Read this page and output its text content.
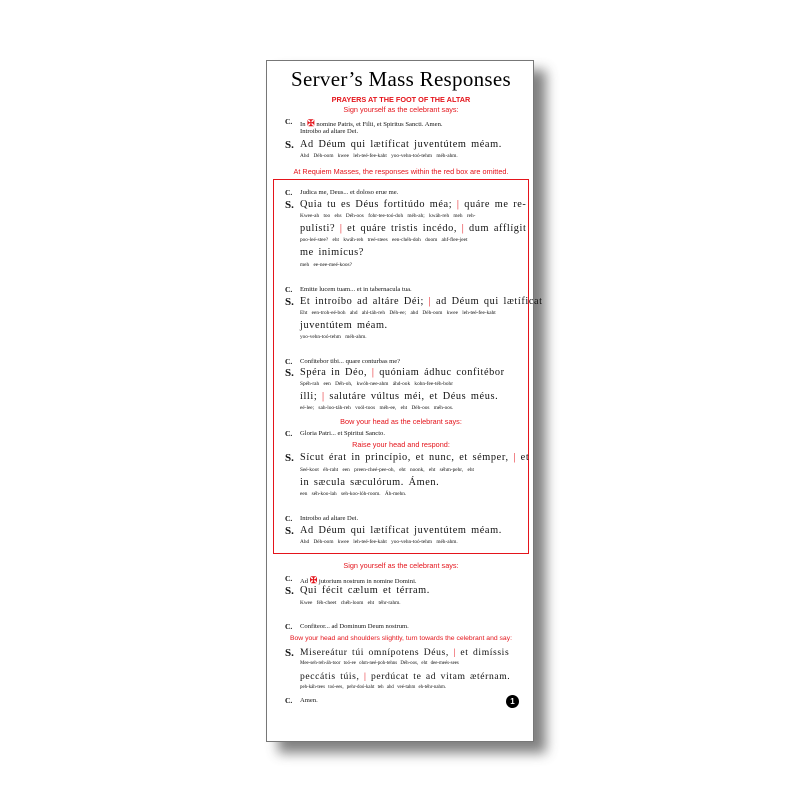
Server’s Mass Responses
PRAYERS AT THE FOOT OF THE ALTAR
Sign yourself as the celebrant says:
C. In ✠ nomine Patris, et Filii, et Spiritus Sancti. Amen.
Introibo ad altare Dei.
S. Ad Déum qui lætíficat juventútem méam.
Ahd Déh-oom kwee leh-teé-fee-kaht yoo-vehn-toó-tehm méh-ahm.
At Requiem Masses, the responses within the red box are omitted.
C. Judica me, Deus... et doloso erue me.
S. Quia tu es Déus fortitúdo méa; | quáre me re-
Kwee-ah too ehs Déh-oos fohr-tee-toó-doh méh-ah; kwáh-reh meh reh-
pulísti? | et quáre tristis incédo, | dum afflígit
poo-leé-stee? eht kwáh-reh treé-stees een-chéh-doh doom ahf-flee-jeet
me inimícus?
meh ee-nee-meé-koos?
C. Emitte lucem tuam... et in tabernacula tua.
S. Et introíbo ad altáre Déi; | ad Déum qui lætíficat
Eht een-troh-eé-boh ahd ahl-táh-reh Déh-ee; ahd Déh-oom kwee leh-teé-fee-kaht
juventútem méam.
yoo-vehn-toó-tehm méh-ahm.
C. Confitebor tibi... quare conturbas me?
S. Spéra in Déo, | quóniam ádhuc confitébor
Spéh-rah een Déh-oh, kwóh-nee-ahm áhd-ook kohn-fee-téh-bohr
ílli; | salutáre vúltus méi, et Déus méus.
eé-lee; sah-loo-táh-reh voól-toos méh-ee, eht Déh-oos méh-oos.
Bow your head as the celebrant says:
C. Gloria Patri... et Spiritui Sancto.
Raise your head and respond:
S. Sícut érat in princípio, et nunc, et sémper, | et
Seé-koot éh-raht een preen-cheé-pee-oh, eht noonk, eht séhm-pehr, eht
in sæcula sæculórum. Ámen.
een séh-koo-lah seh-koo-lóh-room. Áh-mehn.
C. Introibo ad altare Dei.
S. Ad Déum qui lætíficat juventútem méam.
Ahd Déh-oom kwee leh-teé-fee-kaht yoo-vehn-toó-tehm méh-ahm.
Sign yourself as the celebrant says:
C. Ad ✠ jutorium nostrum in nomine Domini.
S. Qui fécit cælum et térram.
Kwee féh-cheet chéh-loom eht téhr-rahm.
C. Confiteor... ad Dominum Deum nostrum.
Bow your head and shoulders slightly, turn towards the celebrant and say:
S. Misereátur túi omnípotens Déus, | et dimíssis
Mee-seh-reh-áh-toor toó-ee ohm-neé-poh-tehns Déh-oos, eht dee-meés-sees
peccátis túis, | perdúcat te ad vitam ætérnam.
peh-káh-tees toó-ees, pehr-doó-kaht teh ahd veé-tahm eh-téhr-nahm.
C. Amen.	1
